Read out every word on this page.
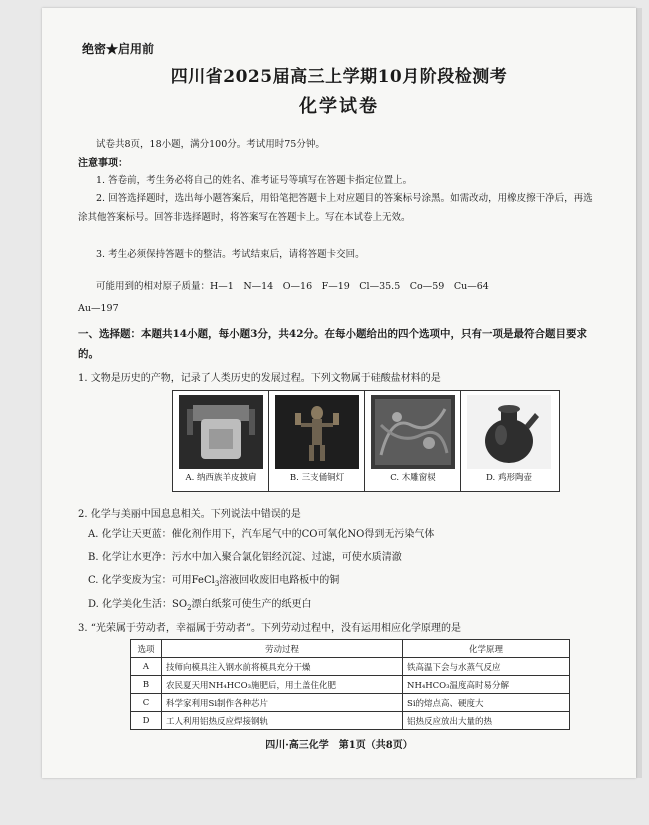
绝密★启用前
四川省2025届高三上学期10月阶段检测考
化学试卷
试卷共8页，18小题，满分100分。考试用时75分钟。
注意事项：
1. 答卷前，考生务必将自己的姓名、准考证号等填写在答题卡指定位置上。
2. 回答选择题时，选出每小题答案后，用铅笔把答题卡上对应题目的答案标号涂黑。如需改动，用橡皮擦干净后，再选涂其他答案标号。回答非选择题时，将答案写在答题卡上。写在本试卷上无效。
3. 考生必须保持答题卡的整洁。考试结束后，请将答题卡交回。
可能用到的相对原子质量：H—1　N—14　O—16　F—19　Cl—35.5　Co—59　Cu—64
Au—197
一、选择题：本题共14小题，每小题3分，共42分。在每小题给出的四个选项中，只有一项是最符合题目要求的。
1. 文物是历史的产物，记录了人类历史的发展过程。下列文物属于硅酸盐材料的是
A. 纳西族羊皮披肩	B. 三支俑铜灯	C. 木雕窗棂	D. 鸡形陶壶
2. 化学与美丽中国息息相关。下列说法中错误的是
A. 化学让天更蓝：催化剂作用下，汽车尾气中的CO可氧化NO得到无污染气体
B. 化学让水更净：污水中加入聚合氯化铝经沉淀、过滤，可使水质清澈
C. 化学变废为宝：可用FeCl$_3$溶液回收废旧电路板中的铜
D. 化学美化生活：$SO_2$漂白纸浆可使生产的纸更白
3. “光荣属于劳动者，幸福属于劳动者”。下列劳动过程中，没有运用相应化学原理的是
选项	劳动过程	化学原理
A	技师向模具注入钢水前将模具充分干燥	铁高温下会与水蒸气反应
B	农民夏天用NH₄HCO₃施肥后，用土盖住化肥	NH₄HCO₃温度高时易分解
C	科学家利用Si制作各种芯片	Si的熔点高、硬度大
D	工人利用铝热反应焊接钢轨	铝热反应放出大量的热
四川·高三化学　第1页（共8页）
